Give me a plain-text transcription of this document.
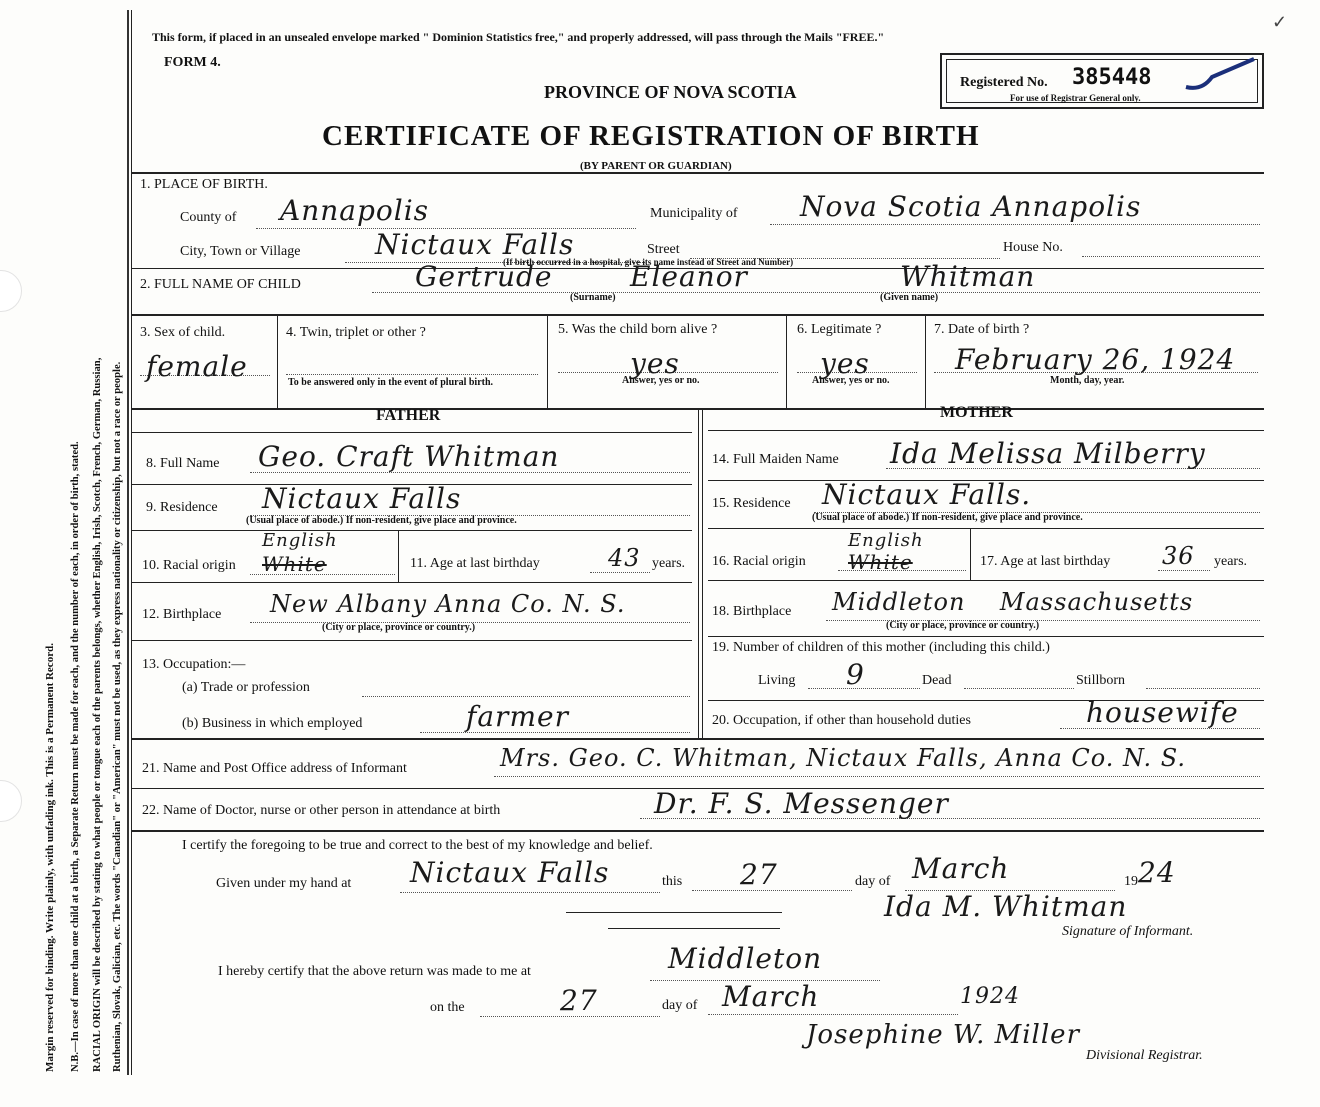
✓
Margin reserved for binding. Write plainly, with unfading ink. This is a Permanent Record. N.B.—In case of more than one child at a birth, a Separate Return must be made for each, and the number of each, in order of birth, stated. RACIAL ORIGIN will be described by stating to what people or tongue each of the parents belongs, whether English, Irish, Scotch, French, German, Russian, Ruthenian, Slovak, Galician, etc. The words "Canadian" or "American" must not be used, as they express nationality or citizenship, but not a race or people.
This form, if placed in an unsealed envelope marked " Dominion Statistics free," and properly addressed, will pass through the Mails "FREE."
FORM 4.
PROVINCE OF NOVA SCOTIA
CERTIFICATE OF REGISTRATION OF BIRTH
(BY PARENT OR GUARDIAN)
Registered No. 385448
For use of Registrar General only.
1. PLACE OF BIRTH.
County of Annapolis	Municipality of Nova Scotia Annapolis
City, Town or Village	Nictaux Falls	Street
(If birth occurred in a hospital, give its name instead of Street and Number)
House No.
2. FULL NAME OF CHILD	Gertrude	Eleanor	Whitman
(Surname)	(Given name)
3. Sex of child.
female
4. Twin, triplet or other ?
To be answered only in the event of plural birth.
5. Was the child born alive ?
yes
Answer, yes or no.
6. Legitimate ?
yes
Answer, yes or no.
7. Date of birth ?
February 26, 1924
Month, day, year.
FATHER
8. Full Name Geo. Craft Whitman
9. Residence Nictaux Falls
(Usual place of abode.) If non-resident, give place and province.
10. Racial origin White
English
11. Age at last birthday	43 years.
12. Birthplace New Albany Anna Co. N. S.
(City or place, province or country.)
13. Occupation:—
(a) Trade or profession
(b) Business in which employed	farmer
MOTHER
14. Full Maiden Name Ida Melissa Milberry
15. Residence Nictaux Falls.
(Usual place of abode.) If non-resident, give place and province.
16. Racial origin White
English
17. Age at last birthday 36 years.
18. Birthplace Middleton    Massachusetts
(City or place, province or country.)
19. Number of children of this mother (including this child.)
Living 9	Dead	Stillborn
20. Occupation, if other than household duties	housewife
21. Name and Post Office address of Informant	Mrs. Geo. C. Whitman, Nictaux Falls, Anna Co. N. S.
22. Name of Doctor, nurse or other person in attendance at birth	Dr. F. S. Messenger
I certify the foregoing to be true and correct to the best of my knowledge and belief.
Given under my hand at Nictaux Falls	this 27	day of March	19 24
Ida M. Whitman
Signature of Informant.
I hereby certify that the above return was made to me at	Middleton
on the	27	day of March	1924
Josephine W. Miller
Divisional Registrar.
